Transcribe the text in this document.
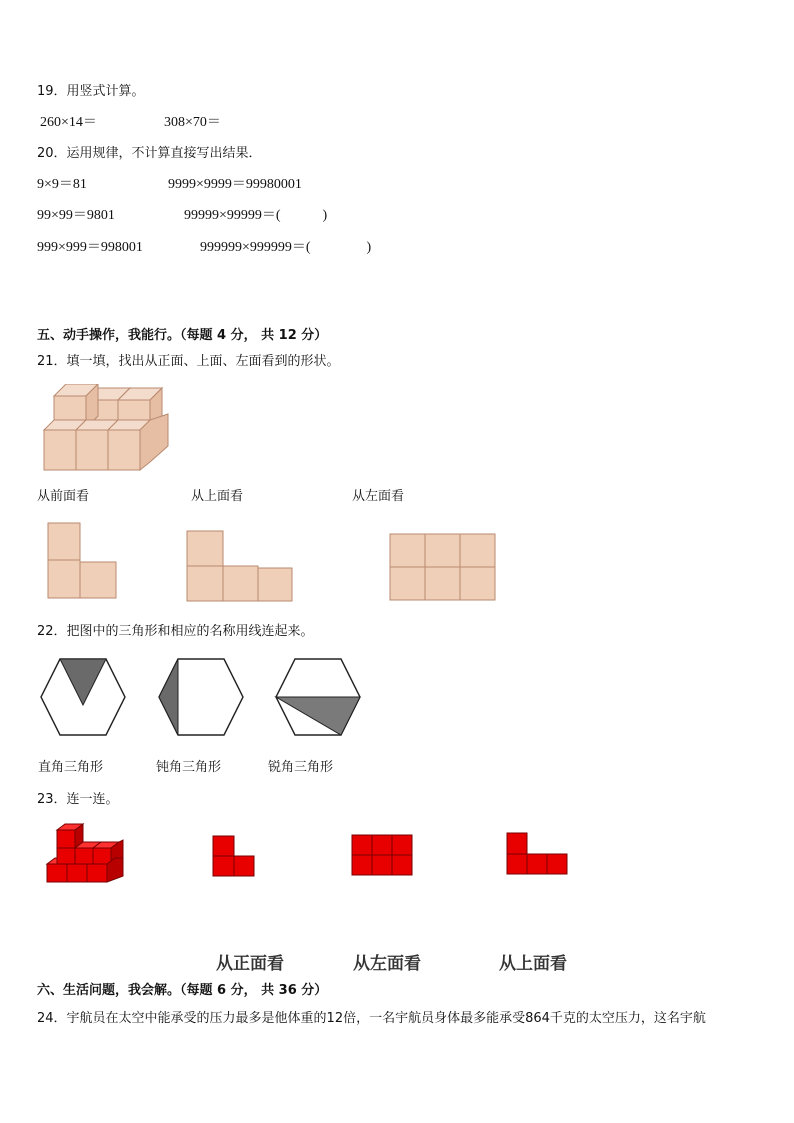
19．用竖式计算。
260×14＝	308×70＝
20．运用规律，不计算直接写出结果．
9×9＝81	9999×9999＝99980001
99×99＝9801	99999×99999＝(　　　)
999×999＝998001	999999×999999＝(　　　　)
五、动手操作，我能行。（每题 4 分， 共 12 分）
21．填一填，找出从正面、上面、左面看到的形状。
从前面看	从上面看	从左面看
22．把图中的三角形和相应的名称用线连起来。
直角三角形	钝角三角形	锐角三角形
23．连一连。
从正面看	从左面看	从上面看
六、生活问题，我会解。（每题 6 分， 共 36 分）
24．宇航员在太空中能承受的压力最多是他体重的12倍，一名宇航员身体最多能承受864千克的太空压力，这名宇航
